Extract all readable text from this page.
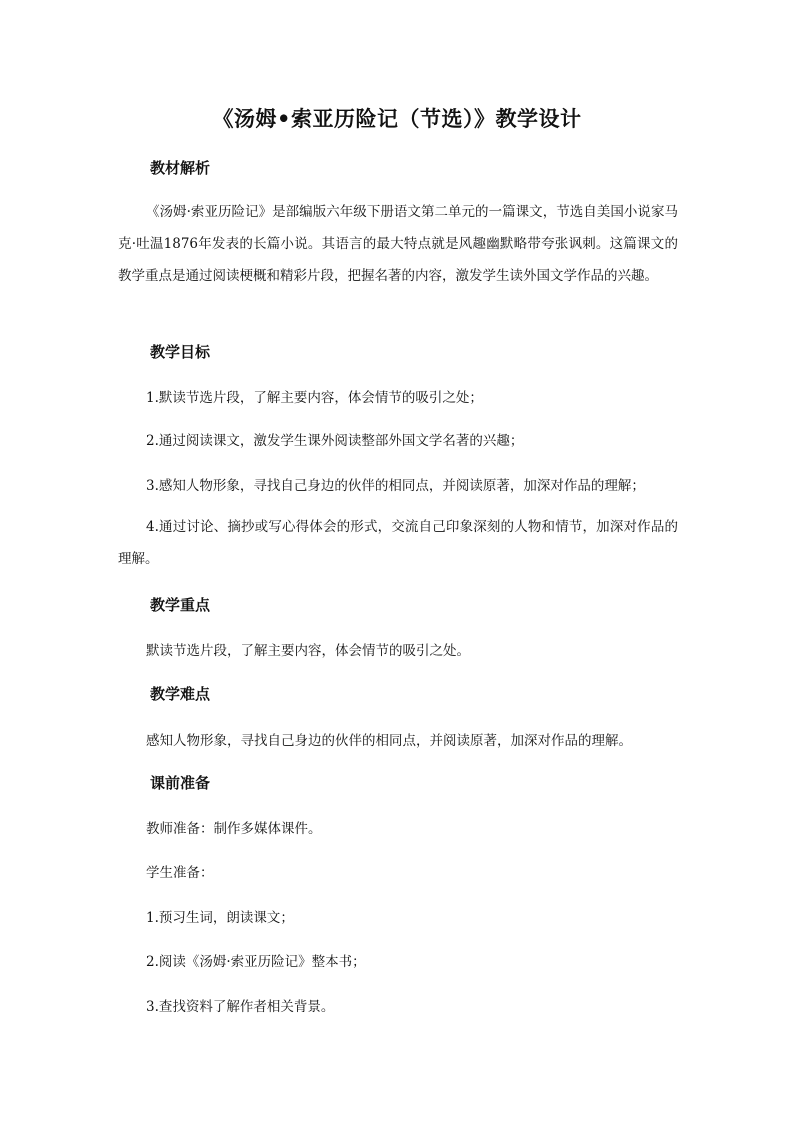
《汤姆•索亚历险记（节选）》教学设计
教材解析
《汤姆·索亚历险记》是部编版六年级下册语文第二单元的一篇课文，节选自美国小说家马克·吐温1876年发表的长篇小说。其语言的最大特点就是风趣幽默略带夸张讽刺。这篇课文的教学重点是通过阅读梗概和精彩片段，把握名著的内容，激发学生读外国文学作品的兴趣。
教学目标
1.默读节选片段，了解主要内容，体会情节的吸引之处；
2.通过阅读课文，激发学生课外阅读整部外国文学名著的兴趣；
3.感知人物形象，寻找自己身边的伙伴的相同点，并阅读原著，加深对作品的理解；
4.通过讨论、摘抄或写心得体会的形式，交流自己印象深刻的人物和情节，加深对作品的理解。
教学重点
默读节选片段，了解主要内容，体会情节的吸引之处。
教学难点
感知人物形象，寻找自己身边的伙伴的相同点，并阅读原著，加深对作品的理解。
课前准备
教师准备：制作多媒体课件。
学生准备：
1.预习生词，朗读课文；
2.阅读《汤姆·索亚历险记》整本书；
3.查找资料了解作者相关背景。
